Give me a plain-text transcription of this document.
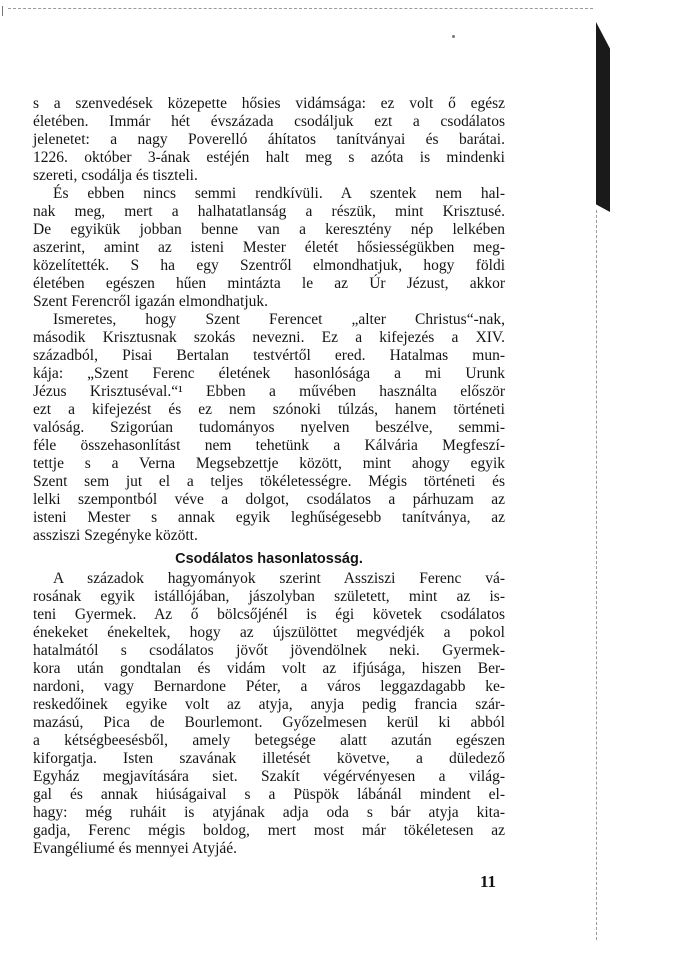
s a szenvedések közepette hősies vidámsága: ez volt ő egész
életében. Immár hét évszázada csodáljuk ezt a csodálatos
jelenetet: a nagy Poverelló áhítatos tanítványai és barátai.
1226. október 3-ának estéjén halt meg s azóta is mindenki
szereti, csodálja és tiszteli.
És ebben nincs semmi rendkívüli. A szentek nem hal-
nak meg, mert a halhatatlanság a részük, mint Krisztusé.
De egyikük jobban benne van a keresztény nép lelkében
aszerint, amint az isteni Mester életét hősiességükben meg-
közelítették. S ha egy Szentről elmondhatjuk, hogy földi
életében egészen hűen mintázta le az Úr Jézust, akkor
Szent Ferencről igazán elmondhatjuk.
Ismeretes, hogy Szent Ferencet „alter Christus“-nak,
második Krisztusnak szokás nevezni. Ez a kifejezés a XIV.
századból, Pisai Bertalan testvértől ered. Hatalmas mun-
kája: „Szent Ferenc életének hasonlósága a mi Urunk
Jézus Krisztuséval.“¹ Ebben a művében használta először
ezt a kifejezést és ez nem szónoki túlzás, hanem történeti
valóság. Szigorúan tudományos nyelven beszélve, semmi-
féle összehasonlítást nem tehetünk a Kálvária Megfeszí-
tettje s a Verna Megsebzettje között, mint ahogy egyik
Szent sem jut el a teljes tökéletességre. Mégis történeti és
lelki szempontból véve a dolgot, csodálatos a párhuzam az
isteni Mester s annak egyik leghűségesebb tanítványa, az
assziszi Szegényke között.
Csodálatos hasonlatosság.
A századok hagyományok szerint Assziszi Ferenc vá-
rosának egyik istállójában, jászolyban született, mint az is-
teni Gyermek. Az ő bölcsőjénél is égi követek csodálatos
énekeket énekeltek, hogy az újszülöttet megvédjék a pokol
hatalmától s csodálatos jövőt jövendölnek neki. Gyermek-
kora után gondtalan és vidám volt az ifjúsága, hiszen Ber-
nardoni, vagy Bernardone Péter, a város leggazdagabb ke-
reskedőinek egyike volt az atyja, anyja pedig francia szár-
mazású, Pica de Bourlemont. Győzelmesen kerül ki abból
a kétségbeesésből, amely betegsége alatt azután egészen
kiforgatja. Isten szavának illetését követve, a düledező
Egyház megjavítására siet. Szakít végérvényesen a világ-
gal és annak hiúságaival s a Püspök lábánál mindent el-
hagy: még ruháit is atyjának adja oda s bár atyja kita-
gadja, Ferenc mégis boldog, mert most már tökéletesen az
Evangéliumé és mennyei Atyjáé.
11
